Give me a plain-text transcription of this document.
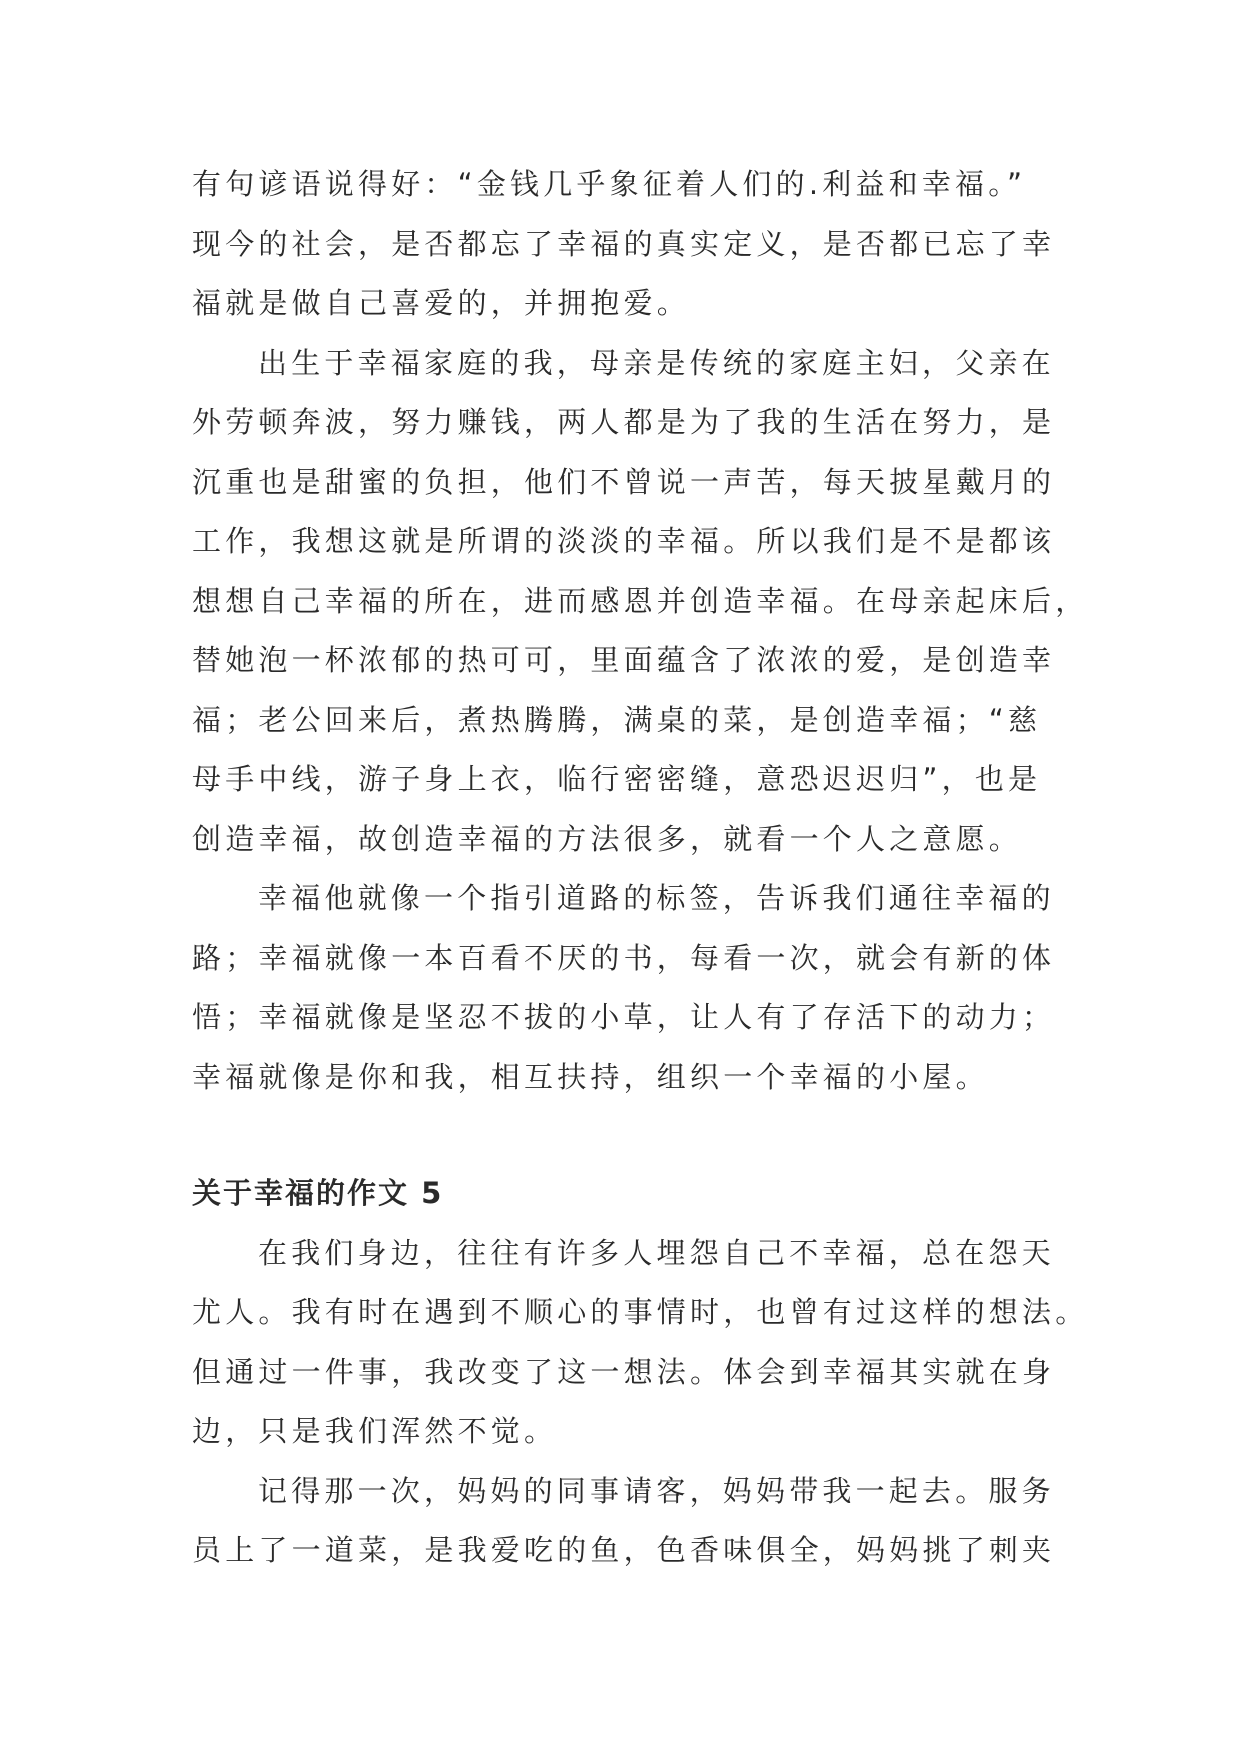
有句谚语说得好：“金钱几乎象征着人们的.利益和幸福。”
现今的社会，是否都忘了幸福的真实定义，是否都已忘了幸
福就是做自己喜爱的，并拥抱爱。

出生于幸福家庭的我，母亲是传统的家庭主妇，父亲在
外劳顿奔波，努力赚钱，两人都是为了我的生活在努力，是
沉重也是甜蜜的负担，他们不曾说一声苦，每天披星戴月的
工作，我想这就是所谓的淡淡的幸福。所以我们是不是都该
想想自己幸福的所在，进而感恩并创造幸福。在母亲起床后，
替她泡一杯浓郁的热可可，里面蕴含了浓浓的爱，是创造幸
福；老公回来后，煮热腾腾，满桌的菜，是创造幸福；“慈
母手中线，游子身上衣，临行密密缝，意恐迟迟归”，也是
创造幸福，故创造幸福的方法很多，就看一个人之意愿。

幸福他就像一个指引道路的标签，告诉我们通往幸福的
路；幸福就像一本百看不厌的书，每看一次，就会有新的体
悟；幸福就像是坚忍不拔的小草，让人有了存活下的动力；
幸福就像是你和我，相互扶持，组织一个幸福的小屋。

关于幸福的作文 5

在我们身边，往往有许多人埋怨自己不幸福，总在怨天
尤人。我有时在遇到不顺心的事情时，也曾有过这样的想法。
但通过一件事，我改变了这一想法。体会到幸福其实就在身
边，只是我们浑然不觉。

记得那一次，妈妈的同事请客，妈妈带我一起去。服务
员上了一道菜，是我爱吃的鱼，色香味俱全，妈妈挑了刺夹
